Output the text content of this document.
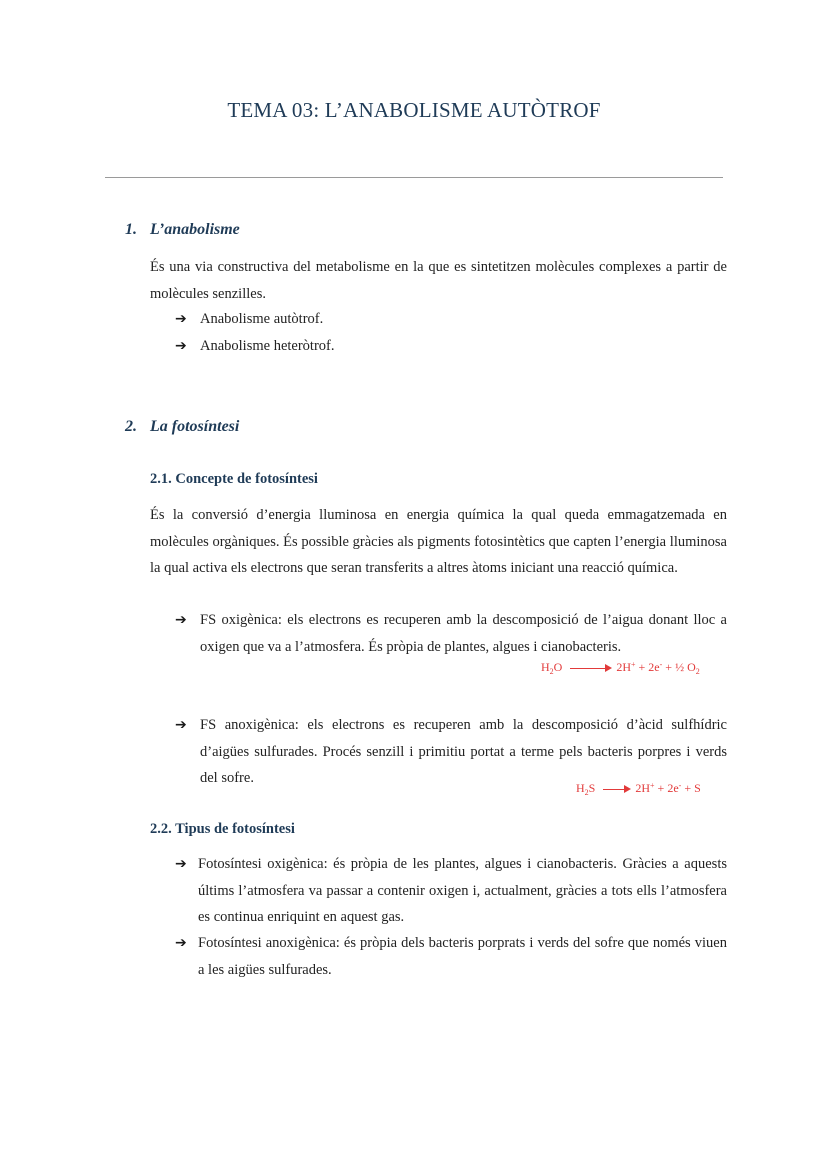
TEMA 03: L’ANABOLISME AUTÒTROF
1. L’anabolisme
És una via constructiva del metabolisme en la que es sintetitzen molècules complexes a partir de molècules senzilles.
➔ Anabolisme autòtrof.
➔ Anabolisme heteròtrof.
2. La fotosíntesi
2.1. Concepte de fotosíntesi
És la conversió d’energia lluminosa en energia química la qual queda emmagatzemada en molècules orgàniques. És possible gràcies als pigments fotosintètics que capten l’energia lluminosa la qual activa els electrons que seran transferits a altres àtoms iniciant una reacció química.
➔ FS oxigènica: els electrons es recuperen amb la descomposició de l’aigua donant lloc a oxigen que va a l’atmosfera. És pròpia de plantes, algues i cianobacteris.
$H_2O \to 2H^+ + 2e^-$ + ½ $O_2$
➔ FS anoxigènica: els electrons es recuperen amb la descomposició d’àcid sulfhídric d’aigües sulfurades. Procés senzill i primitiu portat a terme pels bacteris porpres i verds del sofre.
$H_2S \to 2H^+ + 2e^- + S$
2.2. Tipus de fotosíntesi
➔ Fotosíntesi oxigènica: és pròpia de les plantes, algues i cianobacteris. Gràcies a aquests últims l’atmosfera va passar a contenir oxigen i, actualment, gràcies a tots ells l’atmosfera es continua enriquint en aquest gas.
➔ Fotosíntesi anoxigènica: és pròpia dels bacteris porprats i verds del sofre que només viuen a les aigües sulfurades.
